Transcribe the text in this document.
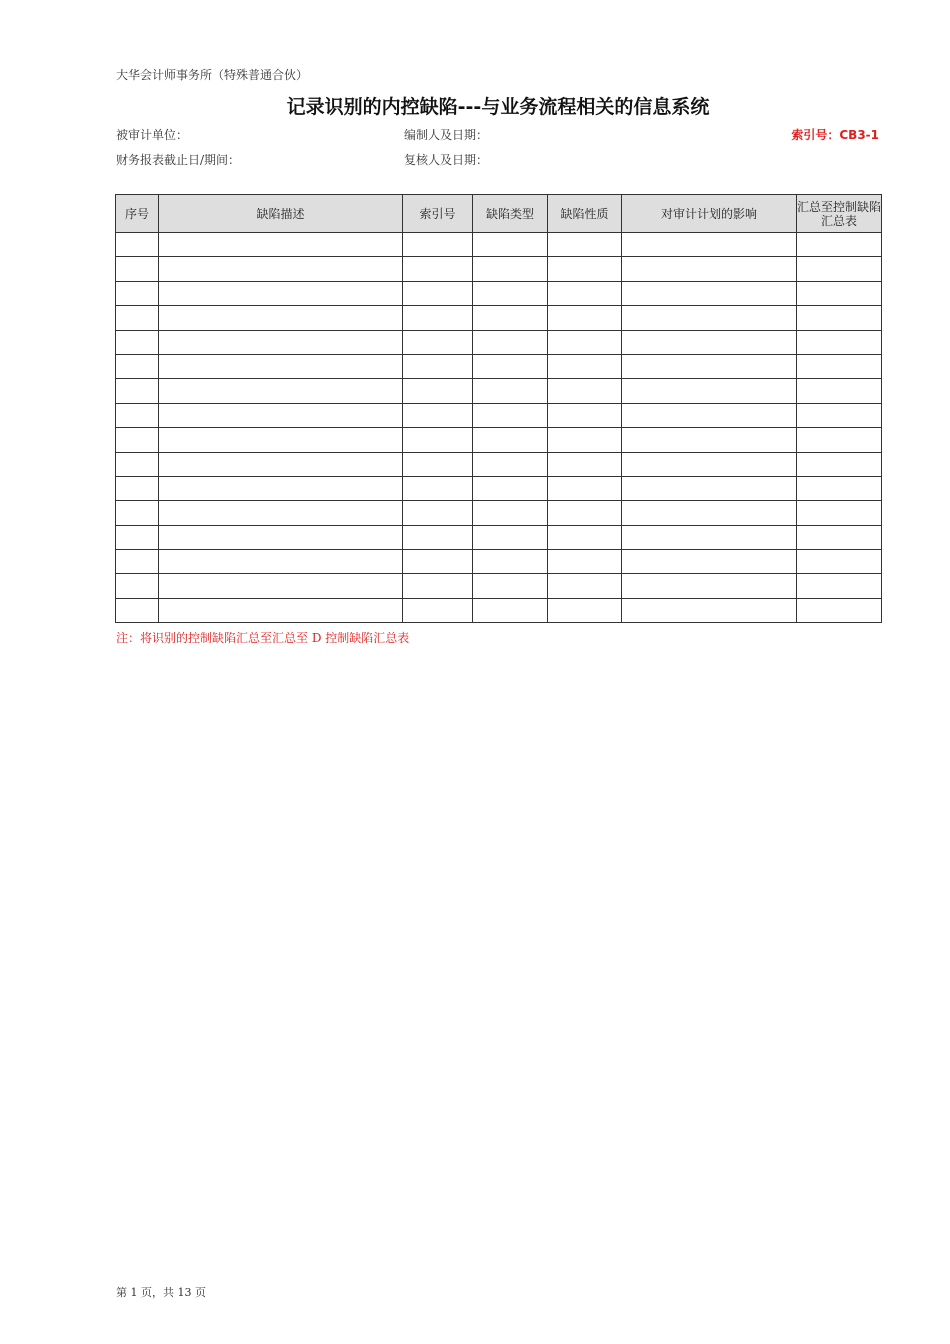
大华会计师事务所（特殊普通合伙）
记录识别的内控缺陷---与业务流程相关的信息系统
被审计单位：	编制人及日期：
财务报表截止日/期间：	复核人及日期：
索引号：CB3-1
序号	缺陷描述	索引号	缺陷类型	缺陷性质	对审计计划的影响	汇总至控制缺陷汇总表

注：将识别的控制缺陷汇总至汇总至 D 控制缺陷汇总表
第 1 页，共 13 页
